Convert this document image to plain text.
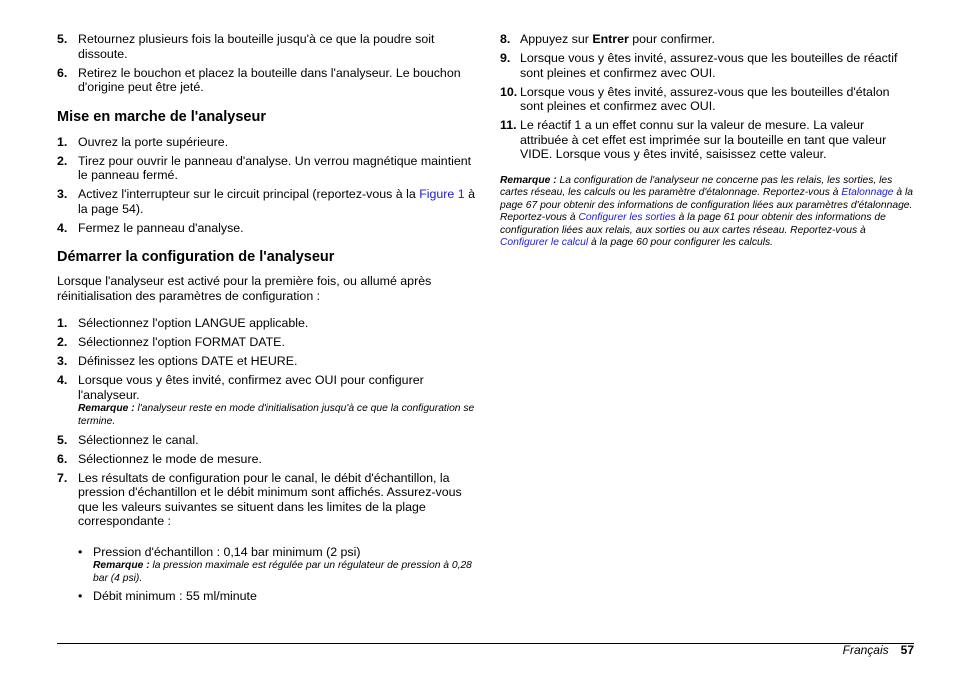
5. Retournez plusieurs fois la bouteille jusqu'à ce que la poudre soit dissoute.
6. Retirez le bouchon et placez la bouteille dans l'analyseur. Le bouchon d'origine peut être jeté.
Mise en marche de l'analyseur
1. Ouvrez la porte supérieure.
2. Tirez pour ouvrir le panneau d'analyse. Un verrou magnétique maintient le panneau fermé.
3. Activez l'interrupteur sur le circuit principal (reportez-vous à la Figure 1 à la page 54).
4. Fermez le panneau d'analyse.
Démarrer la configuration de l'analyseur
Lorsque l'analyseur est activé pour la première fois, ou allumé après réinitialisation des paramètres de configuration :
1. Sélectionnez l'option LANGUE applicable.
2. Sélectionnez l'option FORMAT DATE.
3. Définissez les options DATE et HEURE.
4. Lorsque vous y êtes invité, confirmez avec OUI pour configurer l'analyseur.
Remarque : l'analyseur reste en mode d'initialisation jusqu'à ce que la configuration se termine.
5. Sélectionnez le canal.
6. Sélectionnez le mode de mesure.
7. Les résultats de configuration pour le canal, le débit d'échantillon, la pression d'échantillon et le débit minimum sont affichés. Assurez-vous que les valeurs suivantes se situent dans les limites de la plage correspondante :
• Pression d'échantillon : 0,14 bar minimum (2 psi)
Remarque : la pression maximale est régulée par un régulateur de pression à 0,28 bar (4 psi).
• Débit minimum : 55 ml/minute
8. Appuyez sur Entrer pour confirmer.
9. Lorsque vous y êtes invité, assurez-vous que les bouteilles de réactif sont pleines et confirmez avec OUI.
10. Lorsque vous y êtes invité, assurez-vous que les bouteilles d'étalon sont pleines et confirmez avec OUI.
11. Le réactif 1 a un effet connu sur la valeur de mesure. La valeur attribuée à cet effet est imprimée sur la bouteille en tant que valeur VIDE. Lorsque vous y êtes invité, saisissez cette valeur.
Remarque : La configuration de l'analyseur ne concerne pas les relais, les sorties, les cartes réseau, les calculs ou les paramètre d'étalonnage. Reportez-vous à Etalonnage à la page 67 pour obtenir des informations de configuration liées aux paramètres d'étalonnage. Reportez-vous à Configurer les sorties à la page 61 pour obtenir des informations de configuration liées aux relais, aux sorties ou aux cartes réseau. Reportez-vous à Configurer le calcul à la page 60 pour configurer les calculs.
Français 57
